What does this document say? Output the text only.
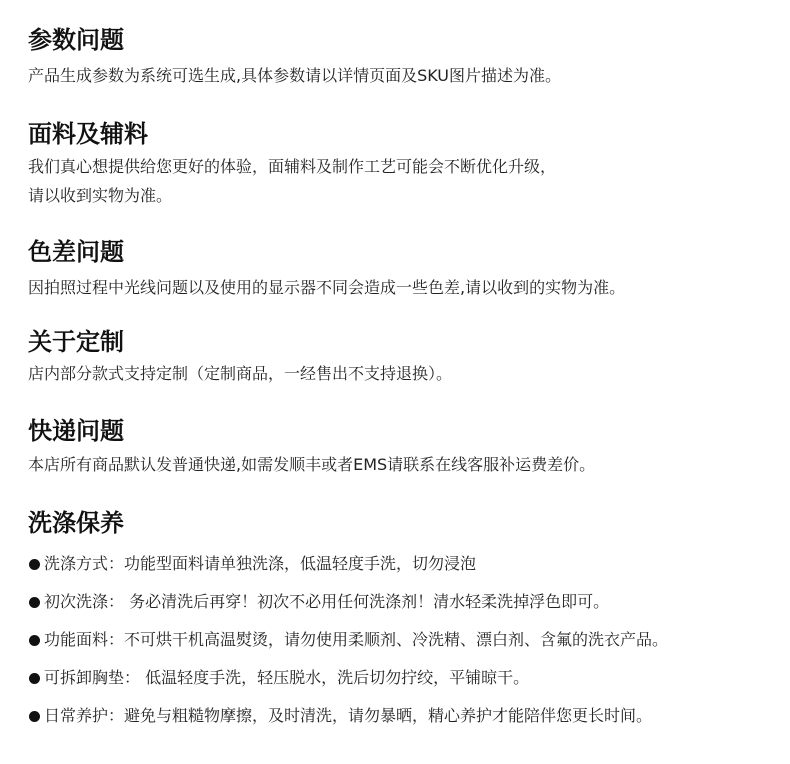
参数问题

产品生成参数为系统可选生成,具体参数请以详情页面及SKU图片描述为准。

面料及辅料

我们真心想提供给您更好的体验，面辅料及制作工艺可能会不断优化升级，

请以收到实物为准。

色差问题

因拍照过程中光线问题以及使用的显示器不同会造成一些色差,请以收到的实物为准。

关于定制

店内部分款式支持定制（定制商品，一经售出不支持退换）。

快递问题

本店所有商品默认发普通快递,如需发顺丰或者EMS请联系在线客服补运费差价。

洗涤保养
洗涤方式：功能型面料请单独洗涤，低温轻度手洗，切勿浸泡
初次洗涤： 务必清洗后再穿！初次不必用任何洗涤剂！清水轻柔洗掉浮色即可。
功能面料：不可烘干机高温熨烫，请勿使用柔顺剂、冷洗精、漂白剂、含氟的洗衣产品。
可拆卸胸垫： 低温轻度手洗，轻压脱水，洗后切勿拧绞，平铺晾干。
日常养护：避免与粗糙物摩擦，及时清洗，请勿暴晒，精心养护才能陪伴您更长时间。
